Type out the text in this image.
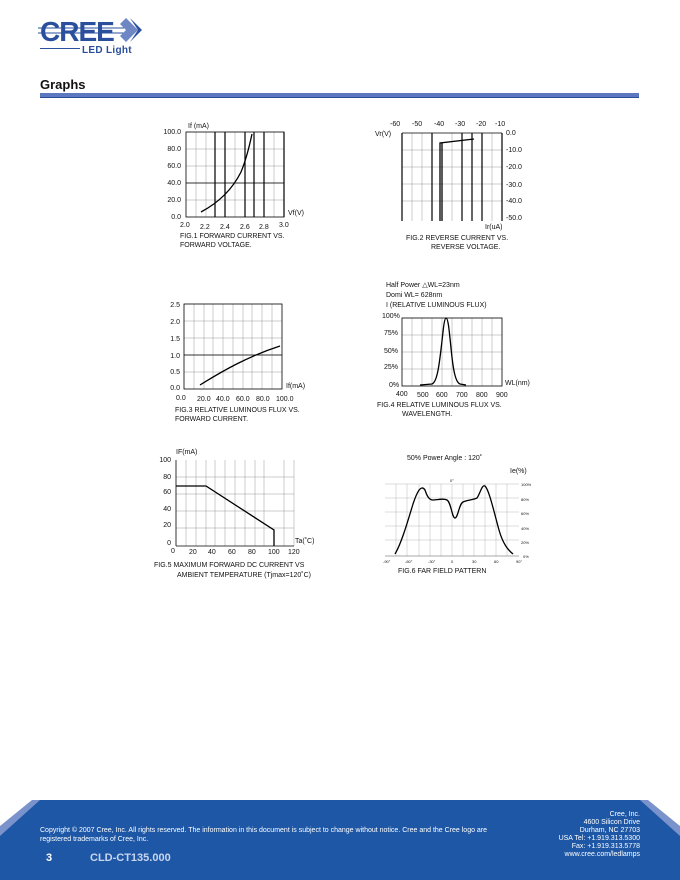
CREE
LED Light
Graphs
If (mA)
100.0
80.0
60.0
40.0
20.0
0.0
Vf(V)
2.0 2.2 2.4 2.6 2.8 3.0
FIG.1 FORWARD CURRENT VS.
FORWARD VOLTAGE.
-60 -50 -40 -30 -20 -10
Vr(V)	0.0
-10.0
-20.0
-30.0
-40.0
-50.0
Ir(uA)
FIG.2 REVERSE CURRENT VS.
REVERSE VOLTAGE.
2.5
2.0
1.5
1.0
0.5
0.0	If(mA)
0.0 20.0 40.0 60.0 80.0 100.0
FIG.3 RELATIVE LUMINOUS FLUX VS.
FORWARD CURRENT.
Half Power △WL=23nm
Domi WL= 628nm
I (RELATIVE LUMINOUS FLUX)
100%
75%
50%
25%
0%	WL(nm)
400 500 600 700 800 900
FIG.4 RELATIVE LUMINOUS FLUX VS.
WAVELENGTH.
IF(mA)
100
80
60
40
20
0	Ta(˚C)
0 20 40 60 80 100 120
FIG.5 MAXIMUM FORWARD DC CURRENT VS
AMBIENT TEMPERATURE (Tjmax=120˚C)
50% Power Angle : 120˚
Ie(%)
0°
100%
80%
60%
40%
20%
0%
-90°	-60°	-30°	0	30	60	90°
FIG.6 FAR FIELD PATTERN
Copyright © 2007 Cree, Inc. All rights reserved. The information in this document is subject to change without notice. Cree and the Cree logo are registered trademarks of Cree, Inc.
3	CLD-CT135.000
Cree, Inc.
4600 Silicon Drive
Durham, NC 27703
USA Tel: +1.919.313.5300
Fax: +1.919.313.5778
www.cree.com/ledlamps
